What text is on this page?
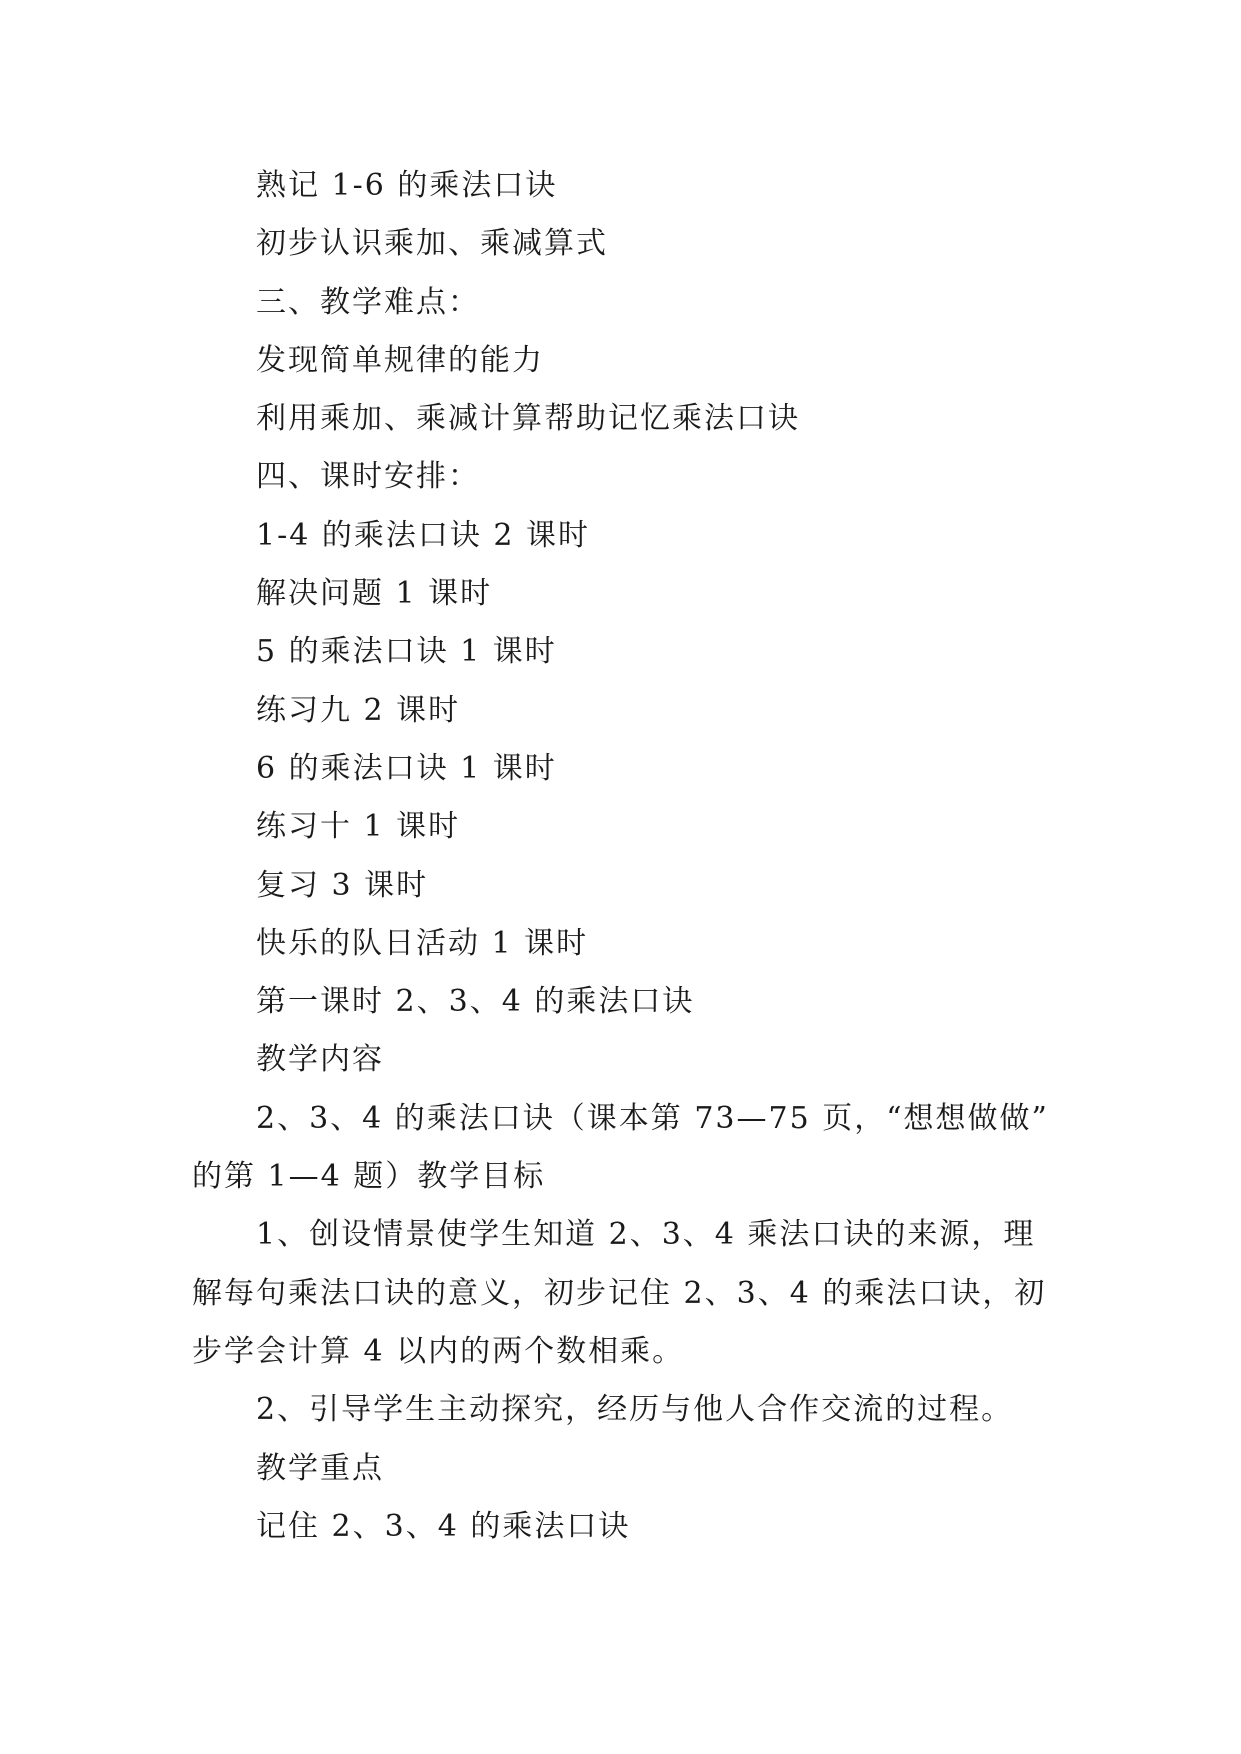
熟记 1-6 的乘法口诀
初步认识乘加、乘减算式
三、教学难点：
发现简单规律的能力
利用乘加、乘减计算帮助记忆乘法口诀
四、课时安排：
1-4 的乘法口诀 2 课时
解决问题 1 课时
5 的乘法口诀 1 课时
练习九 2 课时
6 的乘法口诀 1 课时
练习十 1 课时
复习 3 课时
快乐的队日活动 1 课时
第一课时 2、3、4 的乘法口诀
教学内容
2、3、4 的乘法口诀（课本第 73—75 页，“想想做做”
的第 1—4 题）教学目标
1、创设情景使学生知道 2、3、4 乘法口诀的来源，理
解每句乘法口诀的意义，初步记住 2、3、4 的乘法口诀，初
步学会计算 4 以内的两个数相乘。
2、引导学生主动探究，经历与他人合作交流的过程。
教学重点
记住 2、3、4 的乘法口诀
